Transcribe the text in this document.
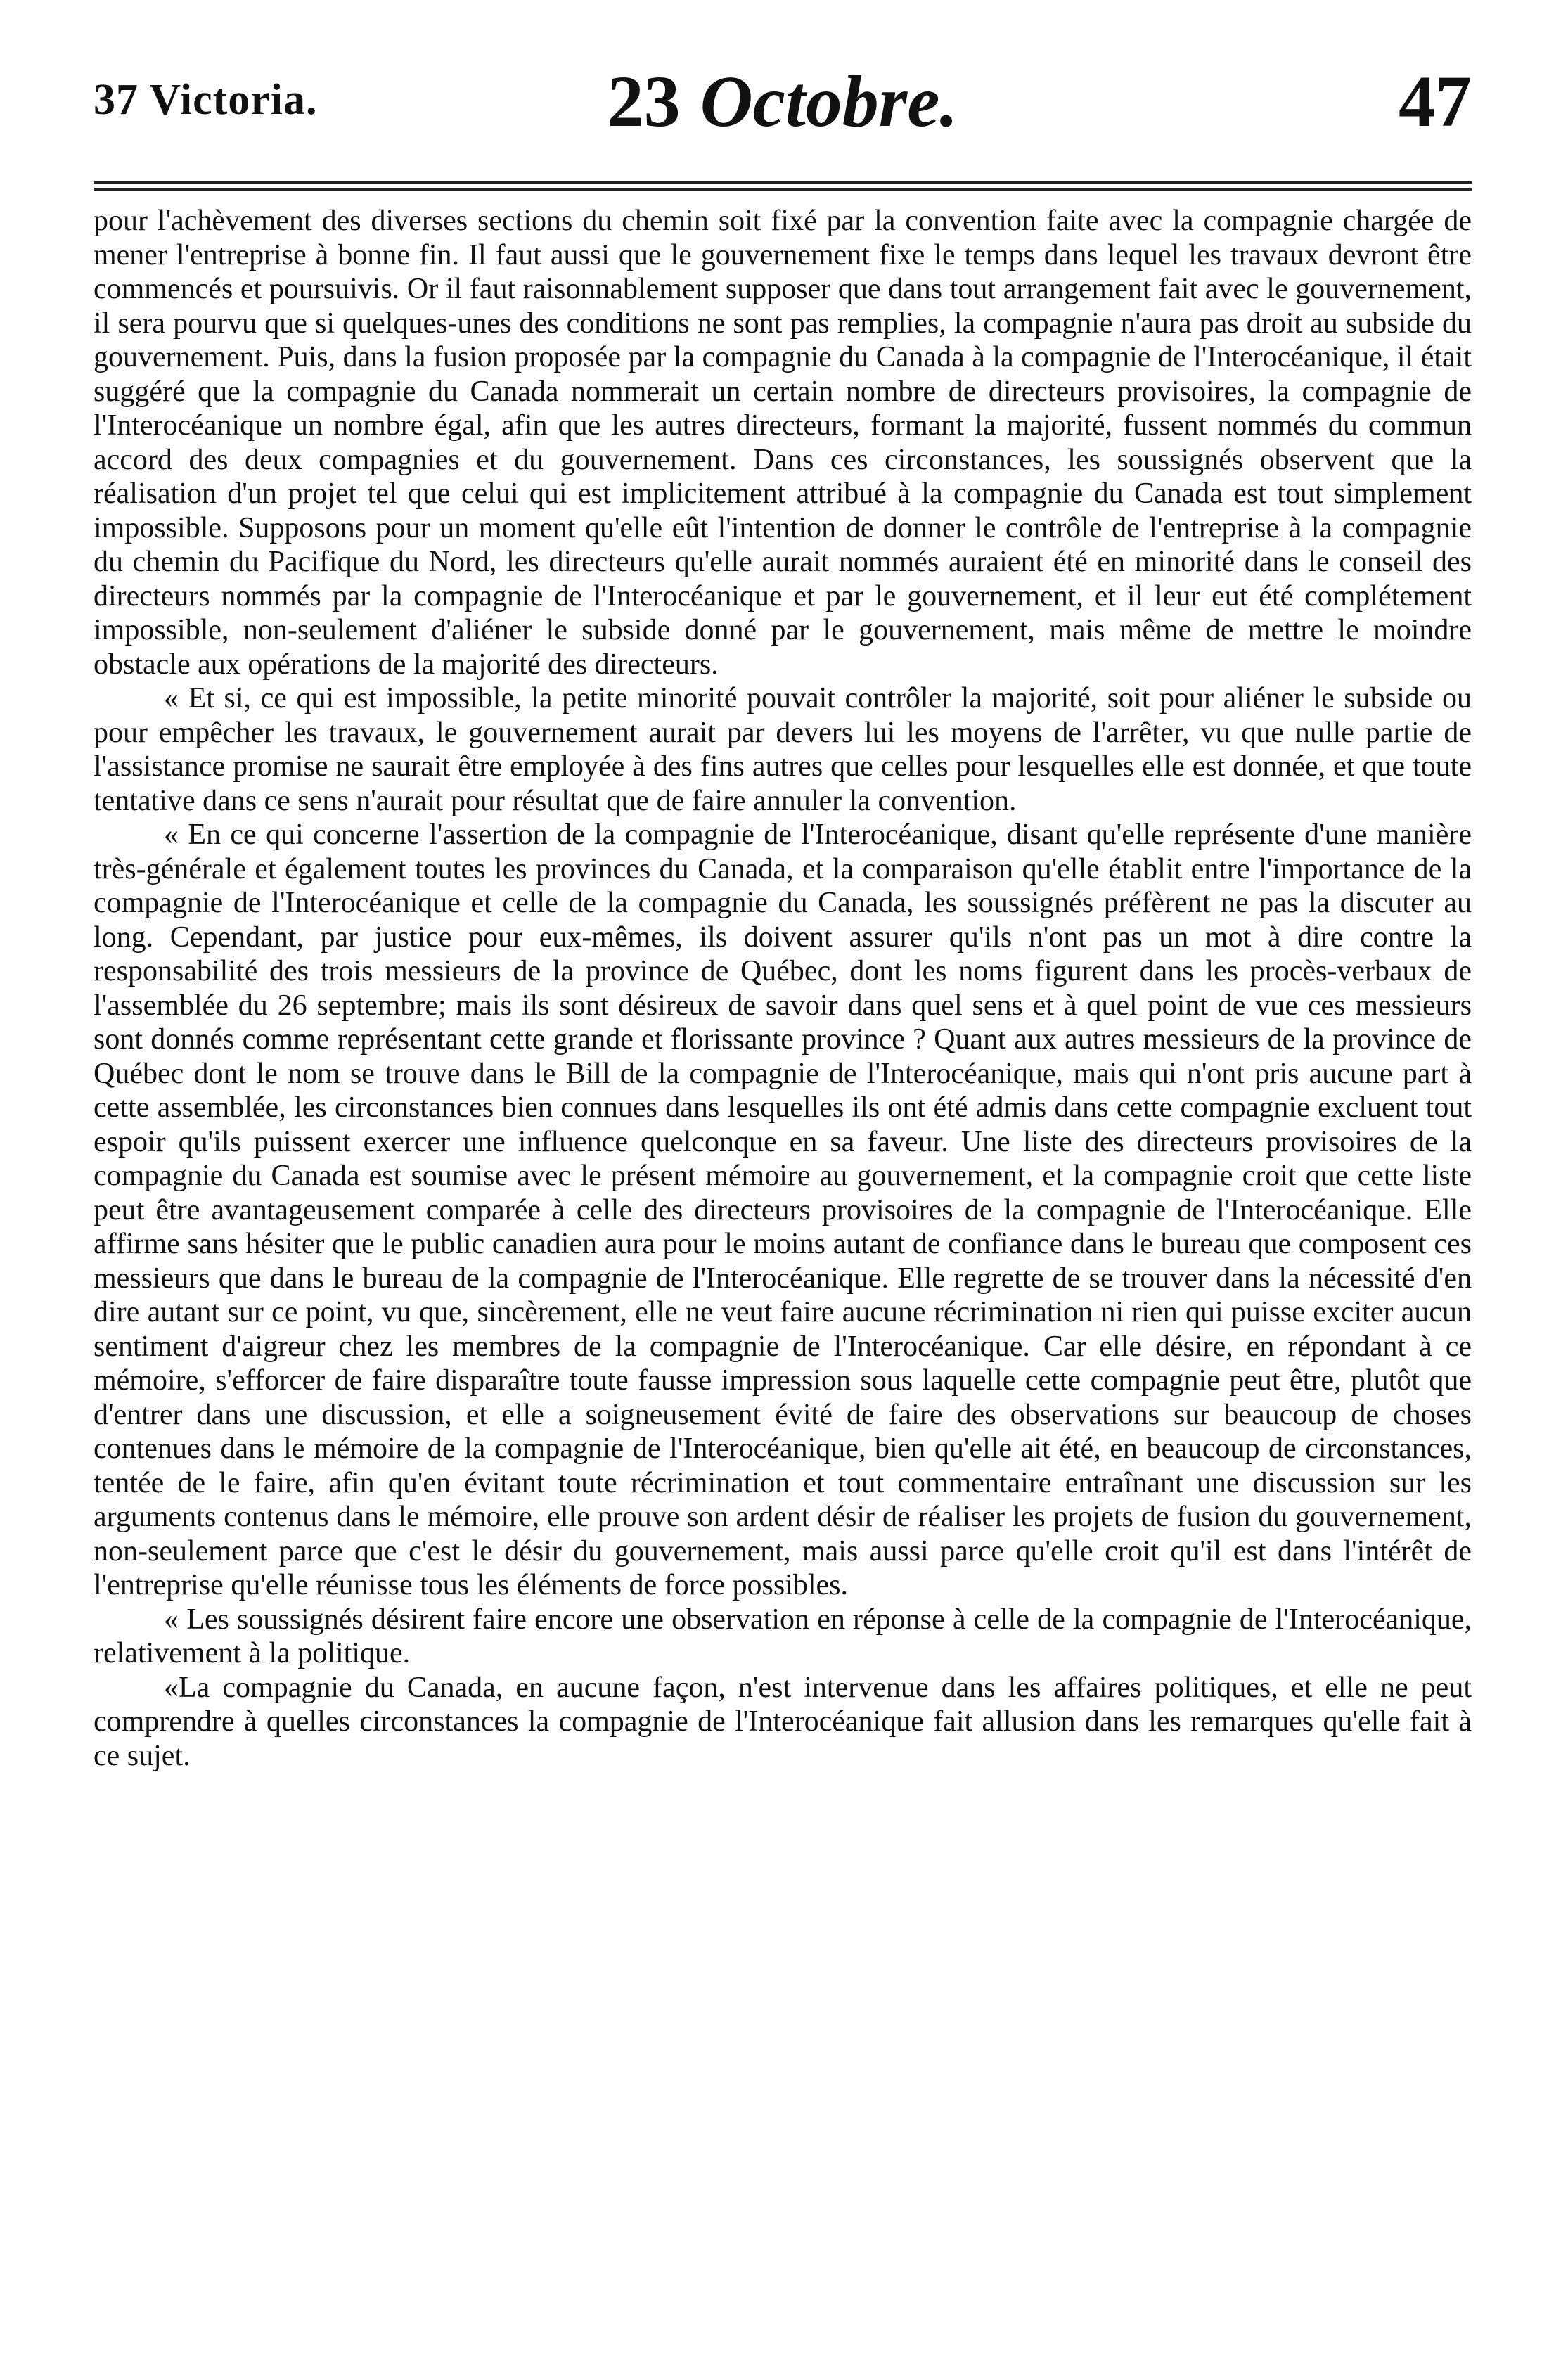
37 Victoria.	23 Octobre.	47

pour l'achèvement des diverses sections du chemin soit fixé par la convention faite avec la compagnie chargée de mener l'entreprise à bonne fin. Il faut aussi que le gouvernement fixe le temps dans lequel les travaux devront être commencés et poursuivis. Or il faut raisonnablement supposer que dans tout arrangement fait avec le gouvernement, il sera pourvu que si quelques-unes des conditions ne sont pas remplies, la compagnie n'aura pas droit au subside du gouvernement. Puis, dans la fusion proposée par la compagnie du Canada à la compagnie de l'Interocéanique, il était suggéré que la compagnie du Canada nommerait un certain nombre de directeurs provisoires, la compagnie de l'Interocéanique un nombre égal, afin que les autres directeurs, formant la majorité, fussent nommés du commun accord des deux compagnies et du gouvernement. Dans ces circonstances, les soussignés observent que la réalisation d'un projet tel que celui qui est implicitement attribué à la compagnie du Canada est tout simplement impossible. Supposons pour un moment qu'elle eût l'intention de donner le contrôle de l'entreprise à la compagnie du chemin du Pacifique du Nord, les directeurs qu'elle aurait nommés auraient été en minorité dans le conseil des directeurs nommés par la compagnie de l'Interocéanique et par le gouvernement, et il leur eut été complétement impossible, non-seulement d'aliéner le subside donné par le gouvernement, mais même de mettre le moindre obstacle aux opérations de la majorité des directeurs.

« Et si, ce qui est impossible, la petite minorité pouvait contrôler la majorité, soit pour aliéner le subside ou pour empêcher les travaux, le gouvernement aurait par devers lui les moyens de l'arrêter, vu que nulle partie de l'assistance promise ne saurait être employée à des fins autres que celles pour lesquelles elle est donnée, et que toute tentative dans ce sens n'aurait pour résultat que de faire annuler la convention.

« En ce qui concerne l'assertion de la compagnie de l'Interocéanique, disant qu'elle représente d'une manière très-générale et également toutes les provinces du Canada, et la comparaison qu'elle établit entre l'importance de la compagnie de l'Interocéanique et celle de la compagnie du Canada, les soussignés préfèrent ne pas la discuter au long. Cependant, par justice pour eux-mêmes, ils doivent assurer qu'ils n'ont pas un mot à dire contre la responsabilité des trois messieurs de la province de Québec, dont les noms figurent dans les procès-verbaux de l'assemblée du 26 septembre; mais ils sont désireux de savoir dans quel sens et à quel point de vue ces messieurs sont donnés comme représentant cette grande et florissante province ? Quant aux autres messieurs de la province de Québec dont le nom se trouve dans le Bill de la compagnie de l'Interocéanique, mais qui n'ont pris aucune part à cette assemblée, les circonstances bien connues dans lesquelles ils ont été admis dans cette compagnie excluent tout espoir qu'ils puissent exercer une influence quelconque en sa faveur. Une liste des directeurs provisoires de la compagnie du Canada est soumise avec le présent mémoire au gouvernement, et la compagnie croit que cette liste peut être avantageusement comparée à celle des directeurs provisoires de la compagnie de l'Interocéanique. Elle affirme sans hésiter que le public canadien aura pour le moins autant de confiance dans le bureau que composent ces messieurs que dans le bureau de la compagnie de l'Interocéanique. Elle regrette de se trouver dans la nécessité d'en dire autant sur ce point, vu que, sincèrement, elle ne veut faire aucune récrimination ni rien qui puisse exciter aucun sentiment d'aigreur chez les membres de la compagnie de l'Interocéanique. Car elle désire, en répondant à ce mémoire, s'efforcer de faire disparaître toute fausse impression sous laquelle cette compagnie peut être, plutôt que d'entrer dans une discussion, et elle a soigneusement évité de faire des observations sur beaucoup de choses contenues dans le mémoire de la compagnie de l'Interocéanique, bien qu'elle ait été, en beaucoup de circonstances, tentée de le faire, afin qu'en évitant toute récrimination et tout commentaire entraînant une discussion sur les arguments contenus dans le mémoire, elle prouve son ardent désir de réaliser les projets de fusion du gouvernement, non-seulement parce que c'est le désir du gouvernement, mais aussi parce qu'elle croit qu'il est dans l'intérêt de l'entreprise qu'elle réunisse tous les éléments de force possibles.

« Les soussignés désirent faire encore une observation en réponse à celle de la compagnie de l'Interocéanique, relativement à la politique.

«La compagnie du Canada, en aucune façon, n'est intervenue dans les affaires politiques, et elle ne peut comprendre à quelles circonstances la compagnie de l'Interocéanique fait allusion dans les remarques qu'elle fait à ce sujet.
